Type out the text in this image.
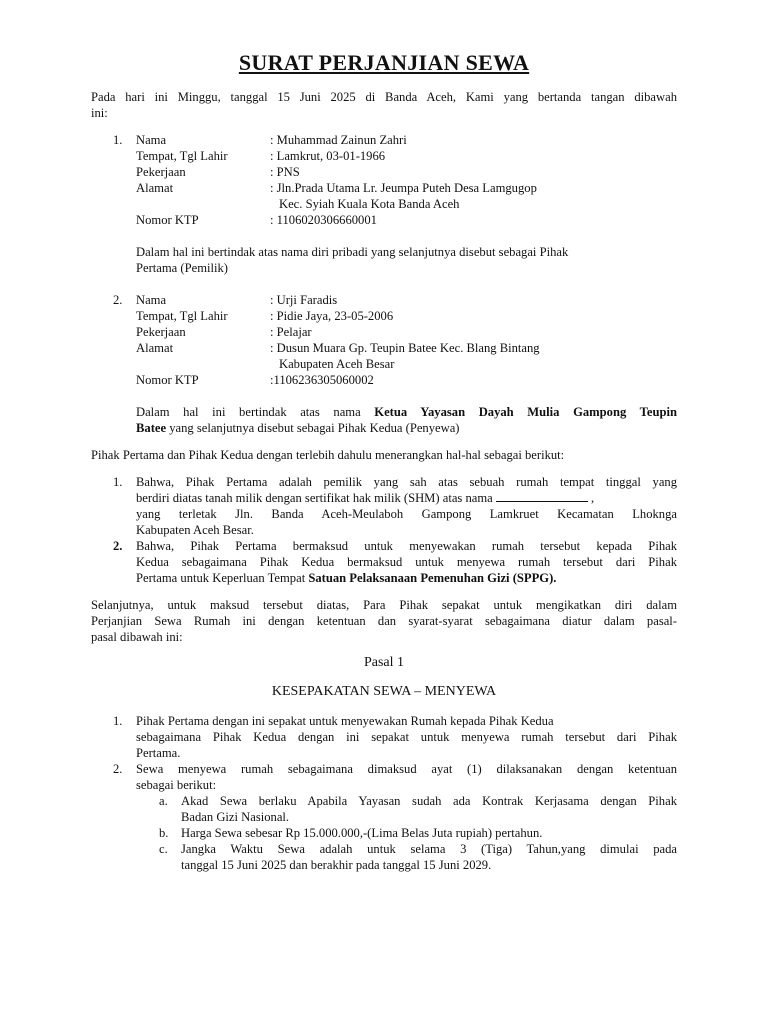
SURAT PERJANJIAN SEWA
Pada hari ini Minggu, tanggal 15 Juni 2025 di Banda Aceh, Kami yang bertanda tangan dibawah
ini:
1. Nama	: Muhammad Zainun Zahri
Tempat, Tgl Lahir	: Lamkrut, 03-01-1966
Pekerjaan	: PNS
Alamat	: Jln.Prada Utama Lr. Jeumpa Puteh Desa Lamgugop
Kec. Syiah Kuala Kota Banda Aceh
Nomor KTP	: 1106020306660001
Dalam hal ini bertindak atas nama diri pribadi yang selanjutnya disebut sebagai Pihak
Pertama (Pemilik)
2. Nama	: Urji Faradis
Tempat, Tgl Lahir	: Pidie Jaya, 23-05-2006
Pekerjaan	: Pelajar
Alamat	: Dusun Muara Gp. Teupin Batee Kec. Blang Bintang
Kabupaten Aceh Besar
Nomor KTP	:1106236305060002
Dalam hal ini bertindak atas nama Ketua Yayasan Dayah Mulia Gampong Teupin
Batee yang selanjutnya disebut sebagai Pihak Kedua (Penyewa)
Pihak Pertama dan Pihak Kedua dengan terlebih dahulu menerangkan hal-hal sebagai berikut:
1. Bahwa, Pihak Pertama adalah pemilik yang sah atas sebuah rumah tempat tinggal yang
berdiri diatas tanah milik dengan sertifikat hak milik (SHM) atas nama	,
yang terletak Jln. Banda Aceh-Meulaboh Gampong Lamkruet Kecamatan Lhoknga
Kabupaten Aceh Besar.
2. Bahwa, Pihak Pertama bermaksud untuk menyewakan rumah tersebut kepada Pihak
Kedua sebagaimana Pihak Kedua bermaksud untuk menyewa rumah tersebut dari Pihak
Pertama untuk Keperluan Tempat Satuan Pelaksanaan Pemenuhan Gizi (SPPG).
Selanjutnya, untuk maksud tersebut diatas, Para Pihak sepakat untuk mengikatkan diri dalam
Perjanjian Sewa Rumah ini dengan ketentuan dan syarat-syarat sebagaimana diatur dalam pasal-
pasal dibawah ini:
Pasal 1
KESEPAKATAN SEWA – MENYEWA
1. Pihak Pertama dengan ini sepakat untuk menyewakan Rumah kepada Pihak Kedua
sebagaimana Pihak Kedua dengan ini sepakat untuk menyewa rumah tersebut dari Pihak
Pertama.
2. Sewa menyewa rumah sebagaimana dimaksud ayat (1) dilaksanakan dengan ketentuan
sebagai berikut:
a. Akad Sewa berlaku Apabila Yayasan sudah ada Kontrak Kerjasama dengan Pihak
Badan Gizi Nasional.
b. Harga Sewa sebesar Rp 15.000.000,-(Lima Belas Juta rupiah) pertahun.
c. Jangka Waktu Sewa adalah untuk selama 3 (Tiga) Tahun,yang dimulai pada
tanggal 15 Juni 2025 dan berakhir pada tanggal 15 Juni 2029.
